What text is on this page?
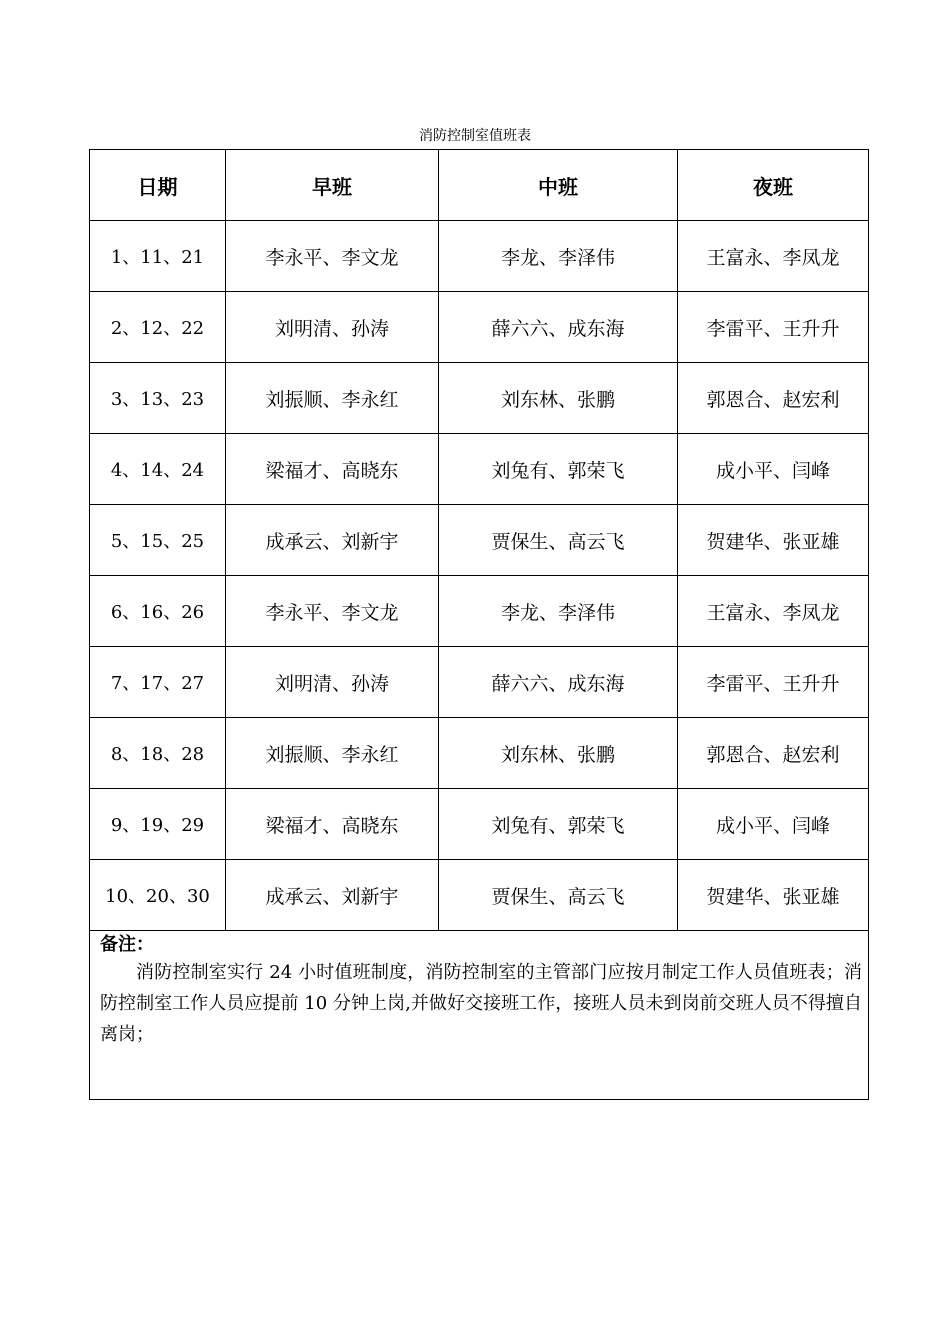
消防控制室值班表
日期	早班	中班	夜班
1、11、21	李永平、李文龙	李龙、李泽伟	王富永、李凤龙
2、12、22	刘明清、孙涛	薛六六、成东海	李雷平、王升升
3、13、23	刘振顺、李永红	刘东林、张鹏	郭恩合、赵宏利
4、14、24	梁福才、高晓东	刘兔有、郭荣飞	成小平、闫峰
5、15、25	成承云、刘新宇	贾保生、高云飞	贺建华、张亚雄
6、16、26	李永平、李文龙	李龙、李泽伟	王富永、李凤龙
7、17、27	刘明清、孙涛	薛六六、成东海	李雷平、王升升
8、18、28	刘振顺、李永红	刘东林、张鹏	郭恩合、赵宏利
9、19、29	梁福才、高晓东	刘兔有、郭荣飞	成小平、闫峰
10、20、30	成承云、刘新宇	贾保生、高云飞	贺建华、张亚雄

备注：

消防控制室实行 24 小时值班制度，消防控制室的主管部门应按月制定工作人员值班表；消防控制室工作人员应提前 10 分钟上岗,并做好交接班工作，接班人员未到岗前交班人员不得擅自离岗；			
